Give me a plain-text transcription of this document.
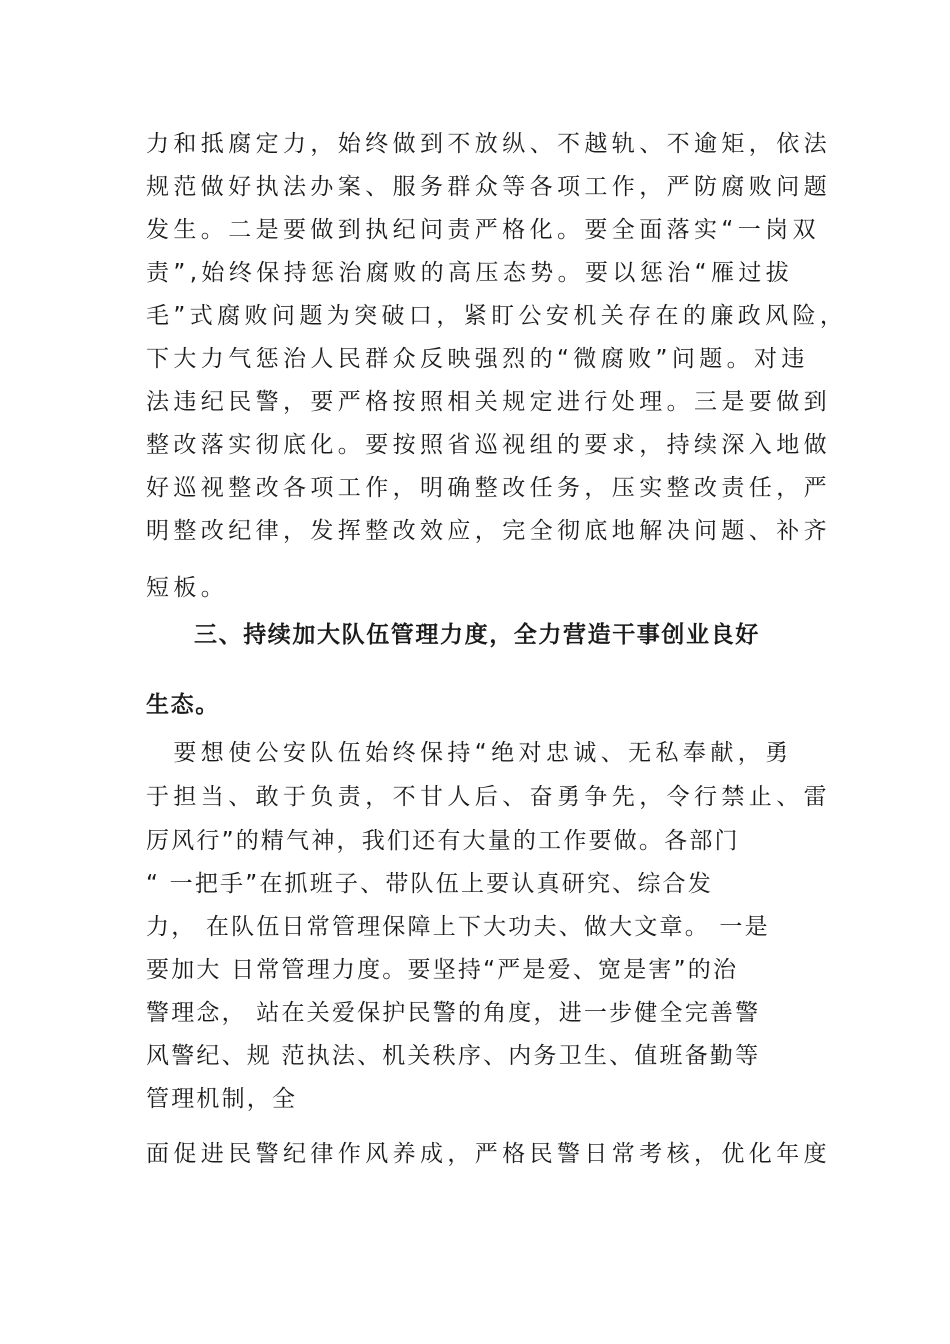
力和抵腐定力，始终做到不放纵、不越轨、不逾矩，依法
规范做好执法办案、服务群众等各项工作，严防腐败问题
发生。二是要做到执纪问责严格化。要全面落实“一岗双
责”,始终保持惩治腐败的高压态势。要以惩治“雁过拔
毛”式腐败问题为突破口，紧盯公安机关存在的廉政风险，
下大力气惩治人民群众反映强烈的“微腐败”问题。对违
法违纪民警，要严格按照相关规定进行处理。三是要做到
整改落实彻底化。要按照省巡视组的要求，持续深入地做
好巡视整改各项工作，明确整改任务，压实整改责任，严
明整改纪律，发挥整改效应，完全彻底地解决问题、补齐
短板。
三、持续加大队伍管理力度，全力营造干事创业良好
生态。
　要想使公安队伍始终保持“绝对忠诚、无私奉献，勇
于担当、敢于负责，不甘人后、奋勇争先，令行禁止、雷
厉风行”的精气神，我们还有大量的工作要做。各部门
“ 一把手”在抓班子、带队伍上要认真研究、综合发
力， 在队伍日常管理保障上下大功夫、做大文章。 一是
要加大 日常管理力度。要坚持“严是爱、宽是害”的治
警理念， 站在关爱保护民警的角度，进一步健全完善警
风警纪、规 范执法、机关秩序、内务卫生、值班备勤等
管理机制，全
面促进民警纪律作风养成，严格民警日常考核，优化年度
